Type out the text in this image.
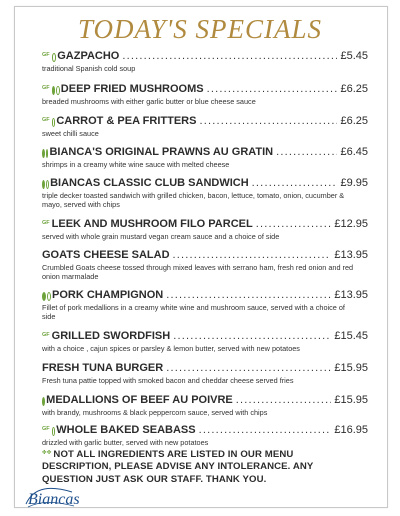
TODAY'S SPECIALS
GF GAZPACHO .....	£5.45
traditional Spanish cold soup
GF DEEP FRIED MUSHROOMS .....	£6.25
breaded mushrooms with either garlic butter or blue cheese sauce
GF CARROT & PEA FRITTERS .....	£6.25
sweet chilli sauce
BIANCA'S ORIGINAL PRAWNS AU GRATIN .....	£6.45
shrimps in a creamy white wine sauce with melted cheese
BIANCAS CLASSIC CLUB SANDWICH .....	£9.95
triple decker toasted sandwich with grilled chicken, bacon, lettuce, tomato, onion, cucumber & mayo, served with chips
GF LEEK AND MUSHROOM FILO PARCEL .....	£12.95
served with whole grain mustard vegan cream sauce and a choice of side
GOATS CHEESE SALAD .....	£13.95
Crumbled Goats cheese tossed through mixed leaves with serrano ham, fresh red onion and red onion marmalade
PORK CHAMPIGNON .....	£13.95
Fillet of pork medallions in a creamy white wine and mushroom sauce, served with a choice of side
GF GRILLED SWORDFISH .....	£15.45
with a choice , cajun spices or parsley & lemon butter, served with new potatoes
FRESH TUNA BURGER .....	£15.95
Fresh tuna pattie topped with smoked bacon and cheddar cheese served fries
MEDALLIONS OF BEEF AU POIVRE .....	£15.95
with brandy, mushrooms & black peppercorn sauce, served with chips
GF WHOLE BAKED SEABASS .....	£16.95
drizzled with garlic butter, served with new potatoes
✤✤ NOT ALL INGREDIENTS ARE LISTED IN OUR MENU DESCRIPTION, PLEASE ADVISE ANY INTOLERANCE. ANY QUESTION JUST ASK OUR STAFF. THANK YOU.
Biancas
